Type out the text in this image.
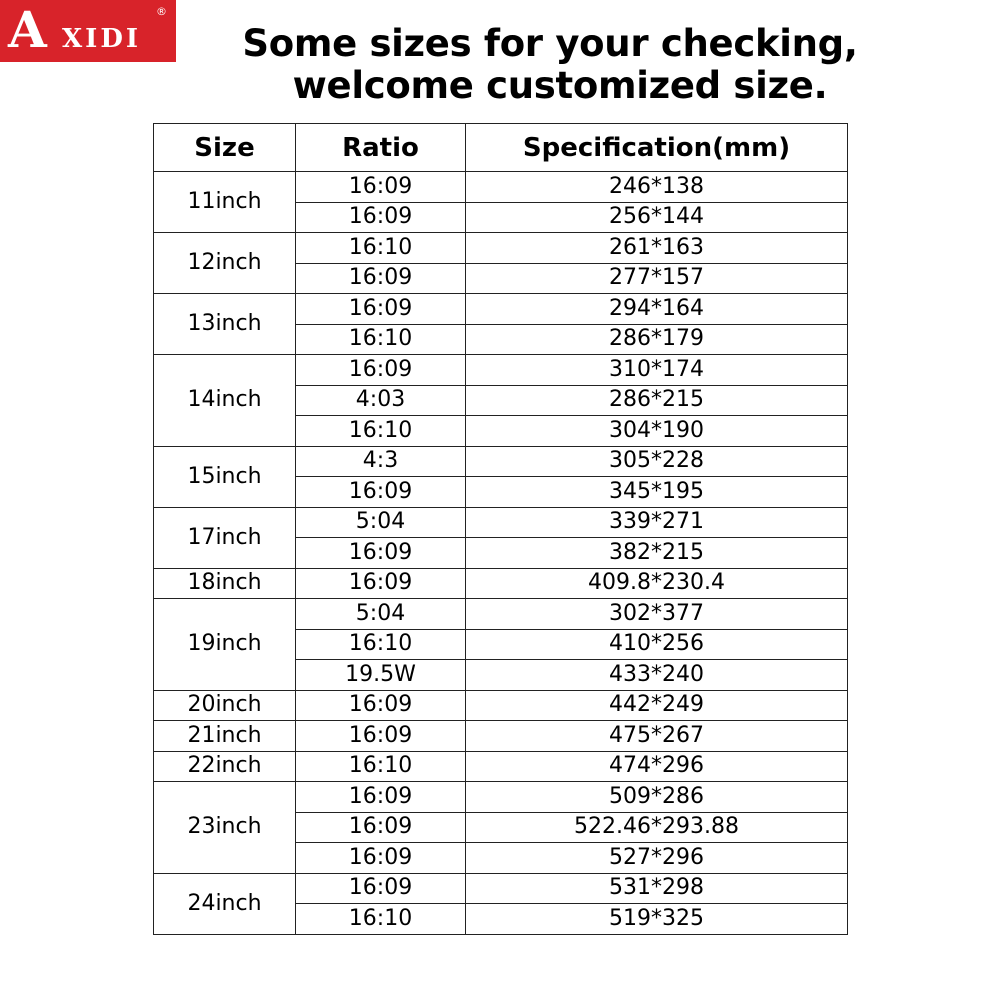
A XIDI
®
Some sizes for your checking,
welcome customized size.
Size	Ratio	Specification(mm)
11inch	16:09	246*138
	16:09	256*144
12inch	16:10	261*163
	16:09	277*157
13inch	16:09	294*164
	16:10	286*179
14inch	16:09	310*174
	4:03	286*215
	16:10	304*190
15inch	4:3	305*228
	16:09	345*195
17inch	5:04	339*271
	16:09	382*215
18inch	16:09	409.8*230.4
19inch	5:04	302*377
	16:10	410*256
	19.5W	433*240
20inch	16:09	442*249
21inch	16:09	475*267
22inch	16:10	474*296
23inch	16:09	509*286
	16:09	522.46*293.88
	16:09	527*296
24inch	16:09	531*298
	16:10	519*325
